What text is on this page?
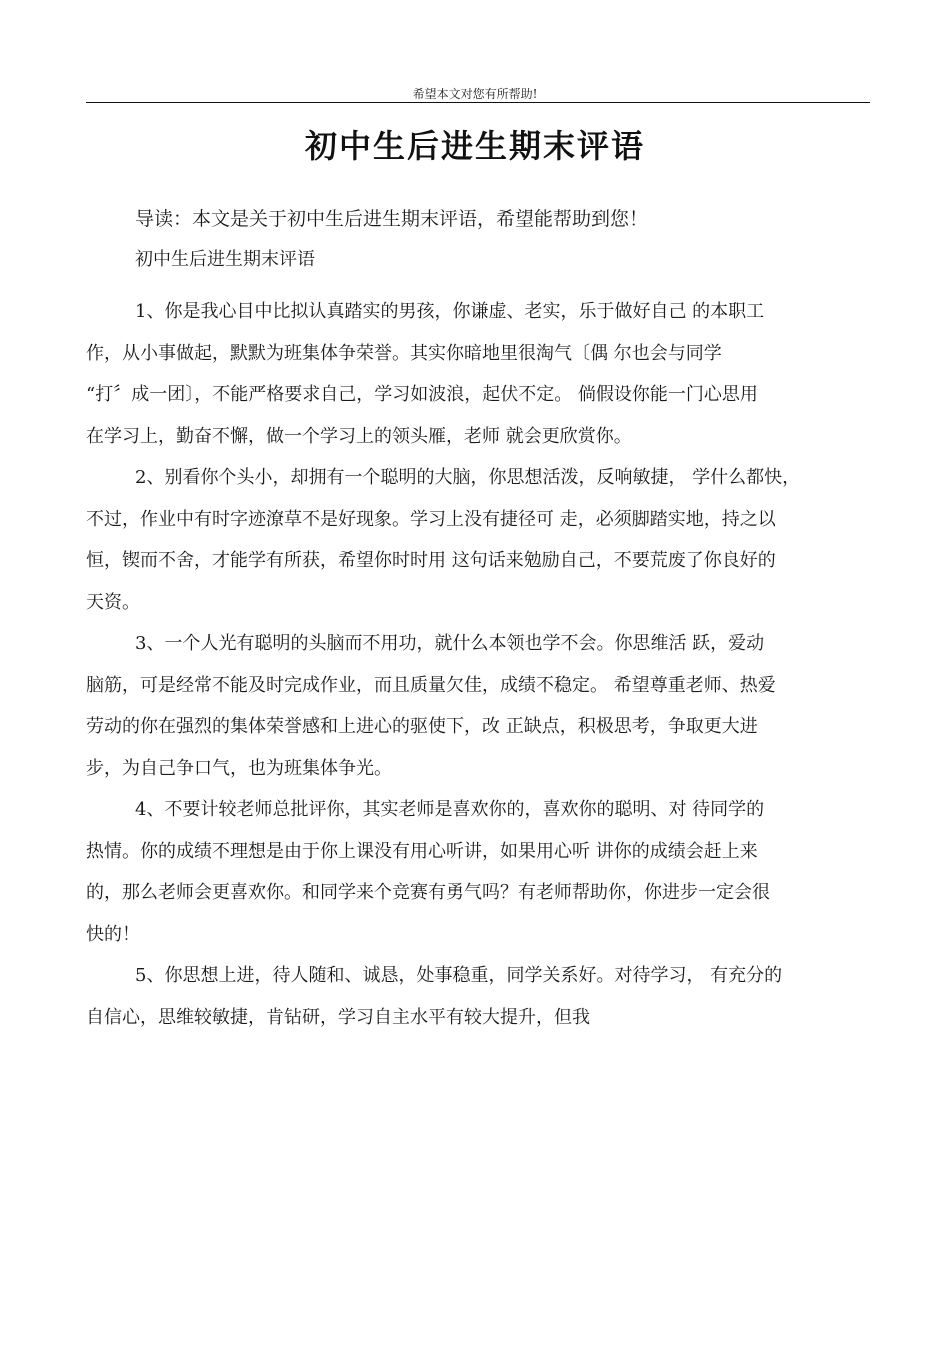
希望本文对您有所帮助!
初中生后进生期末评语
导读：本文是关于初中生后进生期末评语，希望能帮助到您！
初中生后进生期末评语

1、你是我心目中比拟认真踏实的男孩，你谦虚、老实，乐于做好自己 的本职工
作，从小事做起，默默为班集体争荣誉。其实你暗地里很淘气〔偶 尔也会与同学
“打〞成一团〕，不能严格要求自己，学习如波浪，起伏不定。 倘假设你能一门心思用
在学习上，勤奋不懈，做一个学习上的领头雁，老师 就会更欣赏你。

2、别看你个头小，却拥有一个聪明的大脑，你思想活泼，反响敏捷， 学什么都快，
不过，作业中有时字迹潦草不是好现象。学习上没有捷径可 走，必须脚踏实地，持之以
恒，锲而不舍，才能学有所获，希望你时时用 这句话来勉励自己，不要荒废了你良好的
天资。

3、一个人光有聪明的头脑而不用功，就什么本领也学不会。你思维活 跃，爱动
脑筋，可是经常不能及时完成作业，而且质量欠佳，成绩不稳定。 希望尊重老师、热爱
劳动的你在强烈的集体荣誉感和上进心的驱使下，改 正缺点，积极思考，争取更大进
步，为自己争口气，也为班集体争光。

4、不要计较老师总批评你，其实老师是喜欢你的，喜欢你的聪明、对 待同学的
热情。你的成绩不理想是由于你上课没有用心听讲，如果用心听 讲你的成绩会赶上来
的，那么老师会更喜欢你。和同学来个竞赛有勇气吗？有老师帮助你，你进步一定会很
快的！

5、你思想上进，待人随和、诚恳，处事稳重，同学关系好。对待学习， 有充分的
自信心，思维较敏捷，肯钻研，学习自主水平有较大提升，但我
